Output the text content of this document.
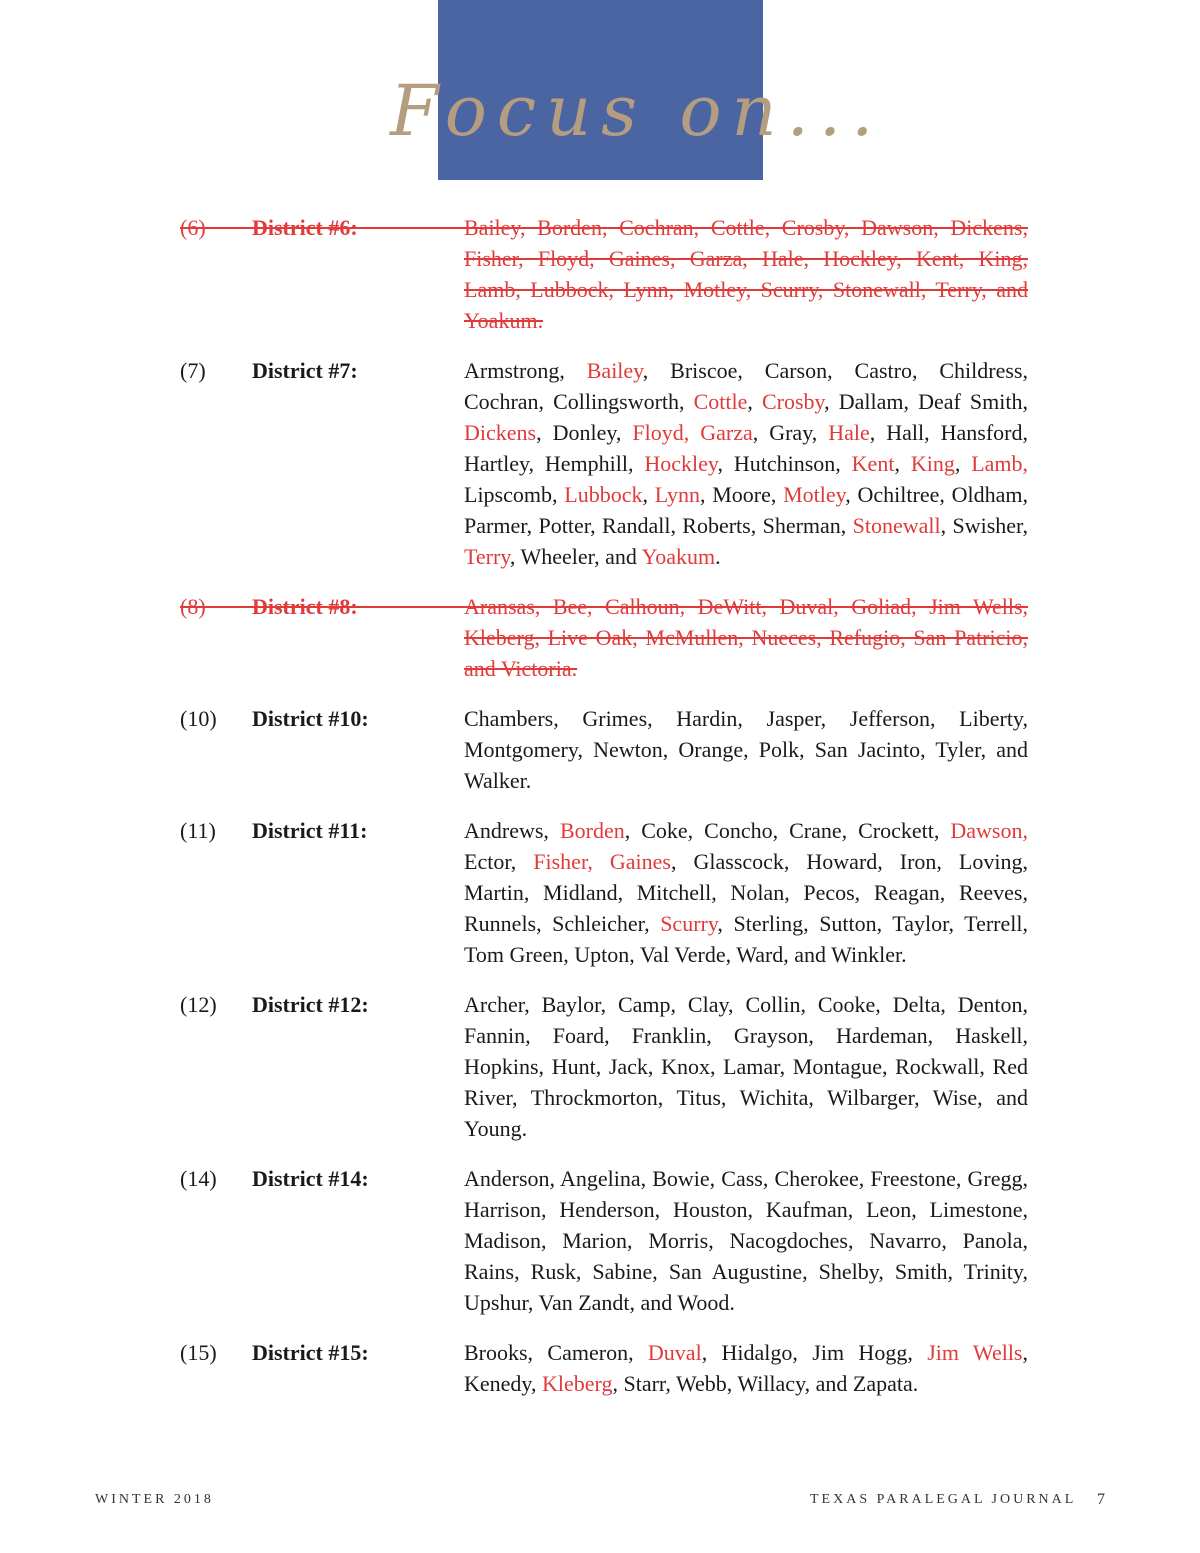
Focus on...
(6) District #6:	Bailey, Borden, Cochran, Cottle, Crosby, Dawson, Dickens, Fisher, Floyd, Gaines, Garza, Hale, Hockley, Kent, King, Lamb, Lubbock, Lynn, Motley, Scurry, Stonewall, Terry, and Yoakum.
(7) District #7:	Armstrong, Bailey, Briscoe, Carson, Castro, Childress, Cochran, Collingsworth, Cottle, Crosby, Dallam, Deaf Smith, Dickens, Donley, Floyd, Garza, Gray, Hale, Hall, Hansford, Hartley, Hemphill, Hockley, Hutchinson, Kent, King, Lamb, Lipscomb, Lubbock, Lynn, Moore, Motley, Ochiltree, Oldham, Parmer, Potter, Randall, Roberts, Sherman, Stonewall, Swisher, Terry, Wheeler, and Yoakum.
(8) District #8:	Aransas, Bee, Calhoun, DeWitt, Duval, Goliad, Jim Wells, Kleberg, Live Oak, McMullen, Nueces, Refugio, San Patricio, and Victoria.
(10) District #10:	Chambers, Grimes, Hardin, Jasper, Jefferson, Liberty, Montgomery, Newton, Orange, Polk, San Jacinto, Tyler, and Walker.
(11) District #11:	Andrews, Borden, Coke, Concho, Crane, Crockett, Dawson, Ector, Fisher, Gaines, Glasscock, Howard, Iron, Loving, Martin, Midland, Mitchell, Nolan, Pecos, Reagan, Reeves, Runnels, Schleicher, Scurry, Sterling, Sutton, Taylor, Terrell, Tom Green, Upton, Val Verde, Ward, and Winkler.
(12) District #12:	Archer, Baylor, Camp, Clay, Collin, Cooke, Delta, Denton, Fannin, Foard, Franklin, Grayson, Hardeman, Haskell, Hopkins, Hunt, Jack, Knox, Lamar, Montague, Rockwall, Red River, Throckmorton, Titus, Wichita, Wilbarger, Wise, and Young.
(14) District #14:	Anderson, Angelina, Bowie, Cass, Cherokee, Freestone, Gregg, Harrison, Henderson, Houston, Kaufman, Leon, Limestone, Madison, Marion, Morris, Nacogdoches, Navarro, Panola, Rains, Rusk, Sabine, San Augustine, Shelby, Smith, Trinity, Upshur, Van Zandt, and Wood.
(15) District #15:	Brooks, Cameron, Duval, Hidalgo, Jim Hogg, Jim Wells, Kenedy, Kleberg, Starr, Webb, Willacy, and Zapata.
WINTER 2018	TEXAS PARALEGAL JOURNAL 7
